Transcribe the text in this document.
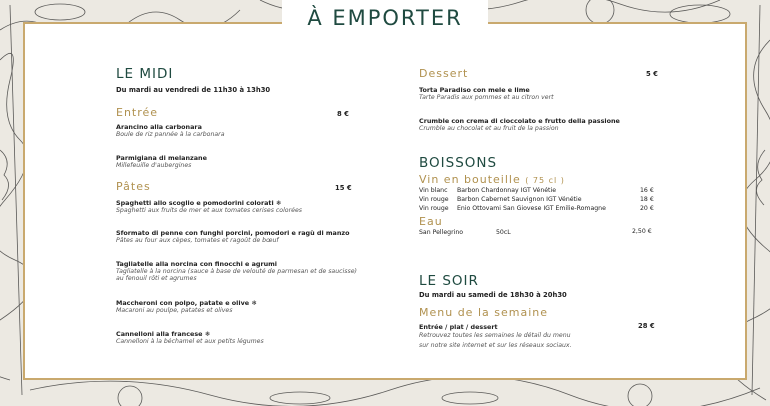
À EMPORTER
LE MIDI
Du mardi au vendredi de 11h30 à 13h30
Entrée	8 €
Arancino alla carbonara
Boule de riz pannée à la carbonara
Parmigiana di melanzane
Millefeuille d'aubergines
Pâtes	15 €
Spaghetti allo scoglio e pomodorini colorati ❄
Spaghetti aux fruits de mer et aux tomates cerises colorées
Sformato di penne con funghi porcini, pomodori e ragù di manzo
Pâtes au four aux cèpes, tomates et ragoût de bœuf
Tagliatelle alla norcina con finocchi e agrumi
Tagliatelle à la norcina (sauce à base de velouté de parmesan et de saucisse)
au fenouil rôti et agrumes
Maccheroni con polpo, patate e olive ❄
Macaroni au poulpe, patates et olives
Cannelloni alla francese ❄
Cannelloni à la béchamel et aux petits légumes
Dessert	5 €
Torta Paradiso con mele e lime
Tarte Paradis aux pommes et au citron vert
Crumble con crema di cioccolato e frutto della passione
Crumble au chocolat et au fruit de la passion
BOISSONS
Vin en bouteille ( 75 cl )
Vin blanc Barbon Chardonnay IGT Vénétie	16 €
Vin rouge Barbon Cabernet Sauvignon IGT Vénétie	18 €
Vin rouge Enio Ottovami San Giovese IGT Emilie-Romagne	20 €
Eau
San Pellegrino	50cL	2,50 €
LE SOIR
Du mardi au samedi de 18h30 à 20h30
Menu de la semaine
Entrée / plat / dessert	28 €
Retrouvez toutes les semaines le détail du menu
sur notre site internet et sur les réseaux sociaux.
